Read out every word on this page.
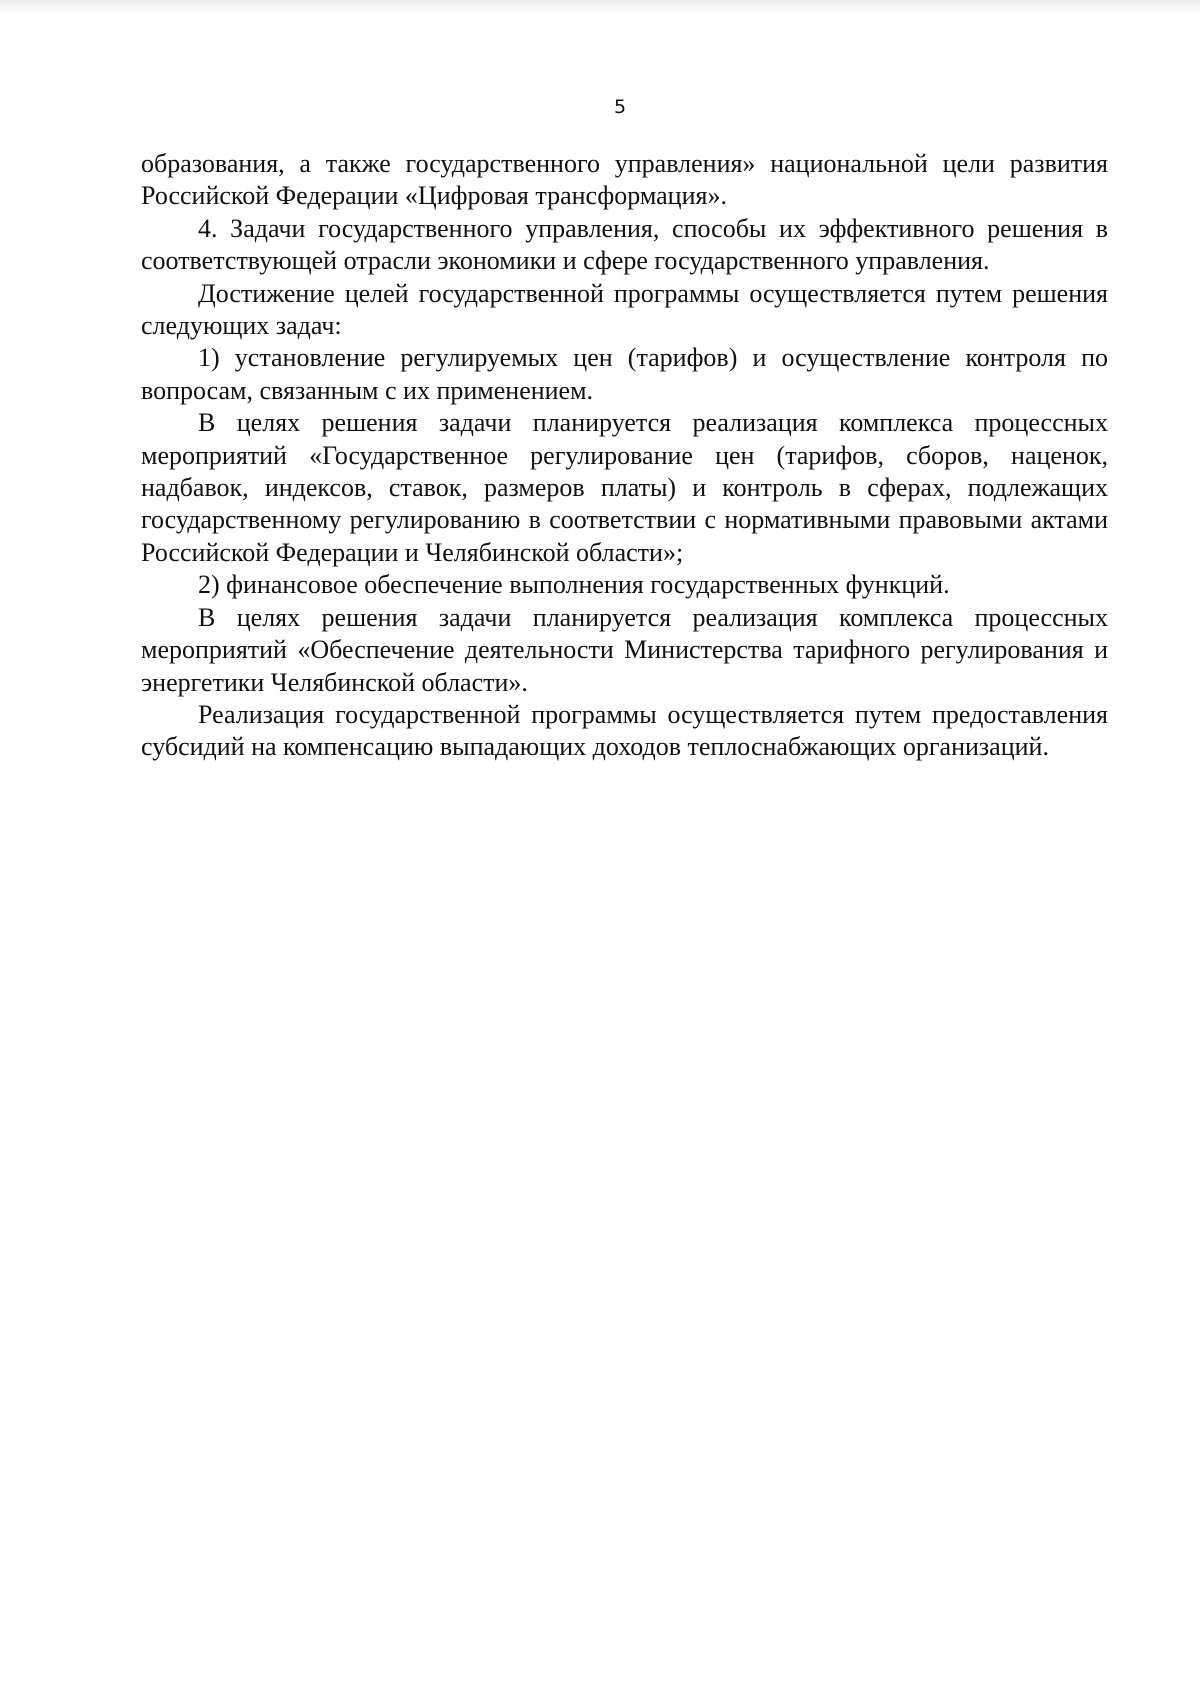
5

образования, а также государственного управления» национальной цели развития Российской Федерации «Цифровая трансформация».

4. Задачи государственного управления, способы их эффективного решения в соответствующей отрасли экономики и сфере государственного управления.

Достижение целей государственной программы осуществляется путем решения следующих задач:

1) установление регулируемых цен (тарифов) и осуществление контроля по вопросам, связанным с их применением.

В целях решения задачи планируется реализация комплекса процессных мероприятий «Государственное регулирование цен (тарифов, сборов, наценок, надбавок, индексов, ставок, размеров платы) и контроль в сферах, подлежащих государственному регулированию в соответствии с нормативными правовыми актами Российской Федерации и Челябинской области»;

2) финансовое обеспечение выполнения государственных функций.

В целях решения задачи планируется реализация комплекса процессных мероприятий «Обеспечение деятельности Министерства тарифного регулирования и энергетики Челябинской области».

Реализация государственной программы осуществляется путем предоставления субсидий на компенсацию выпадающих доходов теплоснабжающих организаций.
